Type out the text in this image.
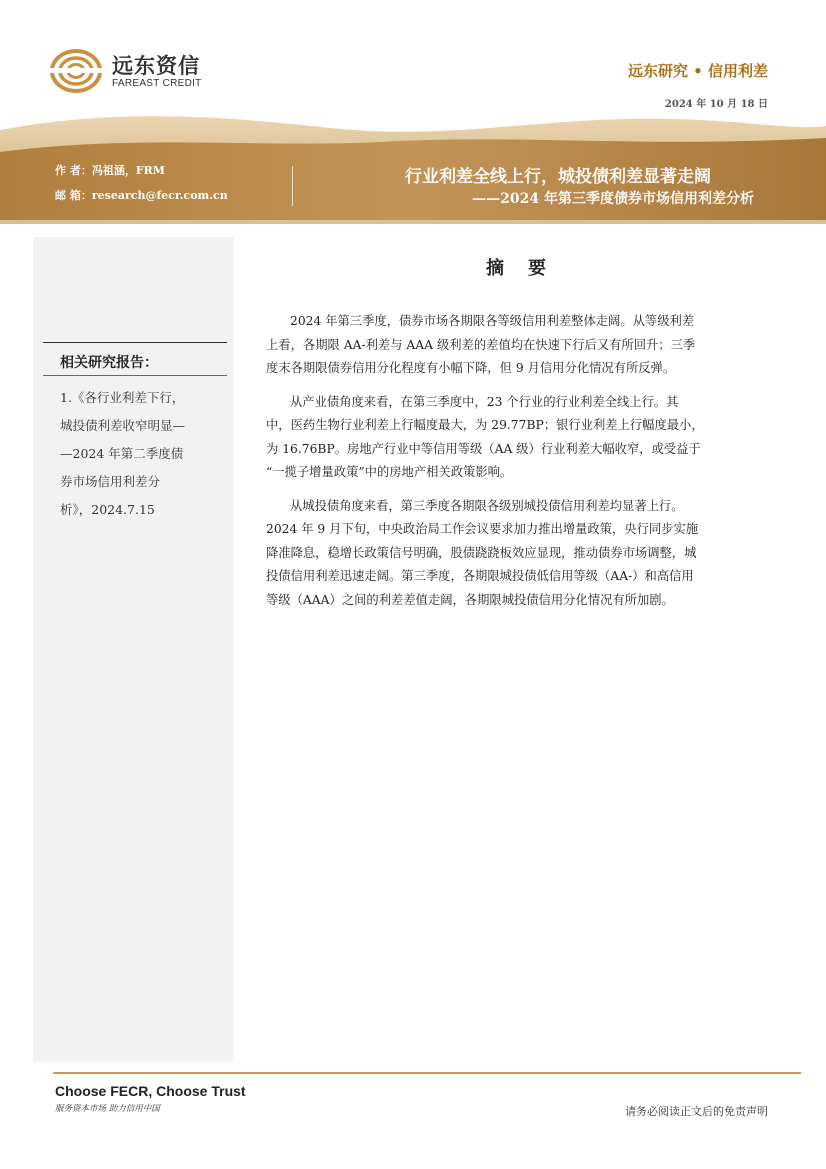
远东资信
FAREAST CREDIT
远东研究 • 信用利差
2024 年 10 月 18 日
作 者：冯祖涵，FRM
邮 箱：research@fecr.com.cn
行业利差全线上行，城投债利差显著走阔
——2024 年第三季度债券市场信用利差分析
相关研究报告：
1.《各行业利差下行，
城投债利差收窄明显—
—2024 年第二季度债
券市场信用利差分
析》，2024.7.15
摘要

2024 年第三季度，债券市场各期限各等级信用利差整体走阔。从等级利差
上看，各期限 AA-利差与 AAA 级利差的差值均在快速下行后又有所回升；三季
度末各期限债券信用分化程度有小幅下降，但 9 月信用分化情况有所反弹。

从产业债角度来看，在第三季度中，23 个行业的行业利差全线上行。其
中，医药生物行业利差上行幅度最大，为 29.77BP；银行业利差上行幅度最小，
为 16.76BP。房地产行业中等信用等级（AA 级）行业利差大幅收窄，或受益于
“一揽子增量政策”中的房地产相关政策影响。

从城投债角度来看，第三季度各期限各级别城投债信用利差均显著上行。
2024 年 9 月下旬，中央政治局工作会议要求加力推出增量政策，央行同步实施
降准降息，稳增长政策信号明确，股债跷跷板效应显现，推动债券市场调整，城
投债信用利差迅速走阔。第三季度，各期限城投债低信用等级（AA-）和高信用
等级（AAA）之间的利差差值走阔，各期限城投债信用分化情况有所加剧。

Choose FECR, Choose Trust
服务资本市场 助力信用中国	请务必阅读正文后的免责声明
